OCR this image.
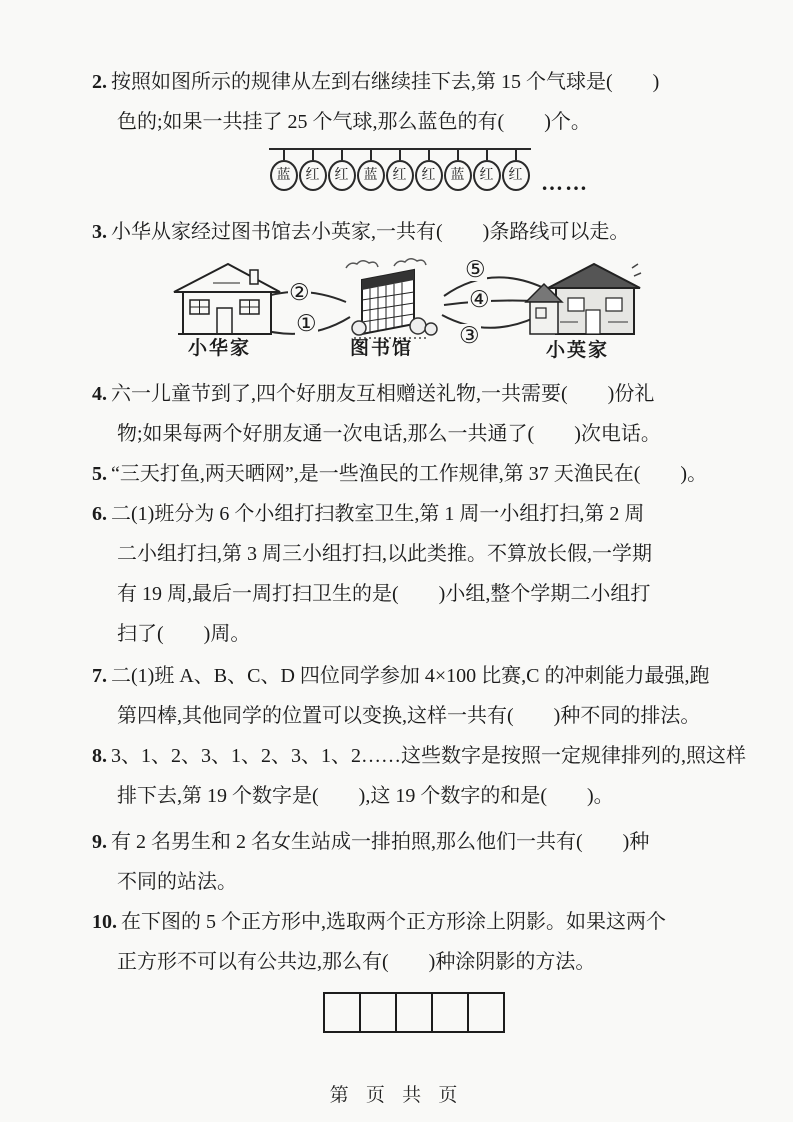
2. 按照如图所示的规律从左到右继续挂下去,第 15 个气球是(　　)
色的;如果一共挂了 25 个气球,那么蓝色的有(　　)个。
蓝	红	红	蓝	红	红	蓝	红	红 ……
3. 小华从家经过图书馆去小英家,一共有(　　)条路线可以走。
②
①
⑤
④
③
小华家	图书馆	小英家
4. 六一儿童节到了,四个好朋友互相赠送礼物,一共需要(　　)份礼
物;如果每两个好朋友通一次电话,那么一共通了(　　)次电话。
5. “三天打鱼,两天晒网”,是一些渔民的工作规律,第 37 天渔民在(　　)。
6. 二(1)班分为 6 个小组打扫教室卫生,第 1 周一小组打扫,第 2 周
二小组打扫,第 3 周三小组打扫,以此类推。不算放长假,一学期
有 19 周,最后一周打扫卫生的是(　　)小组,整个学期二小组打
扫了(　　)周。
7. 二(1)班 A、B、C、D 四位同学参加 4×100 比赛,C 的冲刺能力最强,跑
第四棒,其他同学的位置可以变换,这样一共有(　　)种不同的排法。
8. 3、1、2、3、1、2、3、1、2……这些数字是按照一定规律排列的,照这样
排下去,第 19 个数字是(　　),这 19 个数字的和是(　　)。
9. 有 2 名男生和 2 名女生站成一排拍照,那么他们一共有(　　)种
不同的站法。
10. 在下图的 5 个正方形中,选取两个正方形涂上阴影。如果这两个
正方形不可以有公共边,那么有(　　)种涂阴影的方法。
第 页 共 页
